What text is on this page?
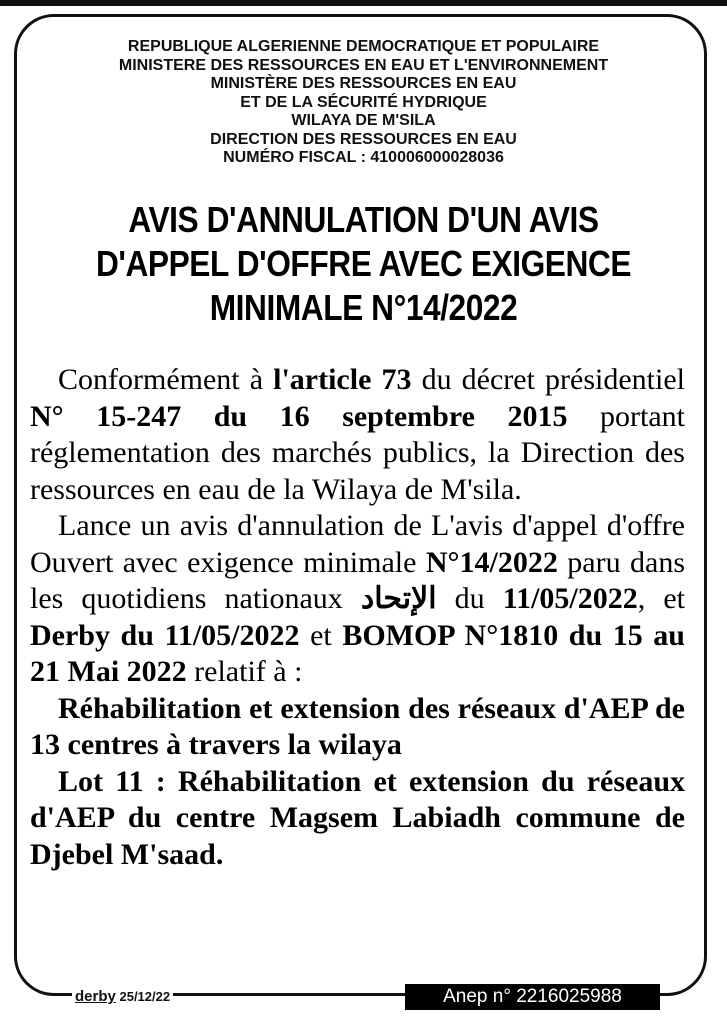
REPUBLIQUE ALGERIENNE DEMOCRATIQUE ET POPULAIRE
MINISTERE DES RESSOURCES EN EAU ET L'ENVIRONNEMENT
MINISTÈRE DES RESSOURCES EN EAU
ET DE LA SÉCURITÉ HYDRIQUE
WILAYA DE M'SILA
DIRECTION DES RESSOURCES EN EAU
NUMÉRO FISCAL : 410006000028036
AVIS D'ANNULATION D'UN AVIS
D'APPEL D'OFFRE AVEC EXIGENCE
MINIMALE N°14/2022

Conformément à l'article 73 du décret présidentiel N° 15-247 du 16 septembre 2015 portant réglementation des marchés publics, la Direction des ressources en eau de la Wilaya de M'sila.

Lance un avis d'annulation de L'avis d'appel d'offre Ouvert avec exigence minimale N°14/2022 paru dans les quotidiens nationaux الإتحاد du 11/05/2022, et Derby du 11/05/2022 et BOMOP N°1810 du 15 au 21 Mai 2022 relatif à :

Réhabilitation et extension des réseaux d'AEP de 13 centres à travers la wilaya

Lot 11 : Réhabilitation et extension du réseaux d'AEP du centre Magsem Labiadh commune de Djebel M'saad.

derby 25/12/22	Anep n° 2216025988
